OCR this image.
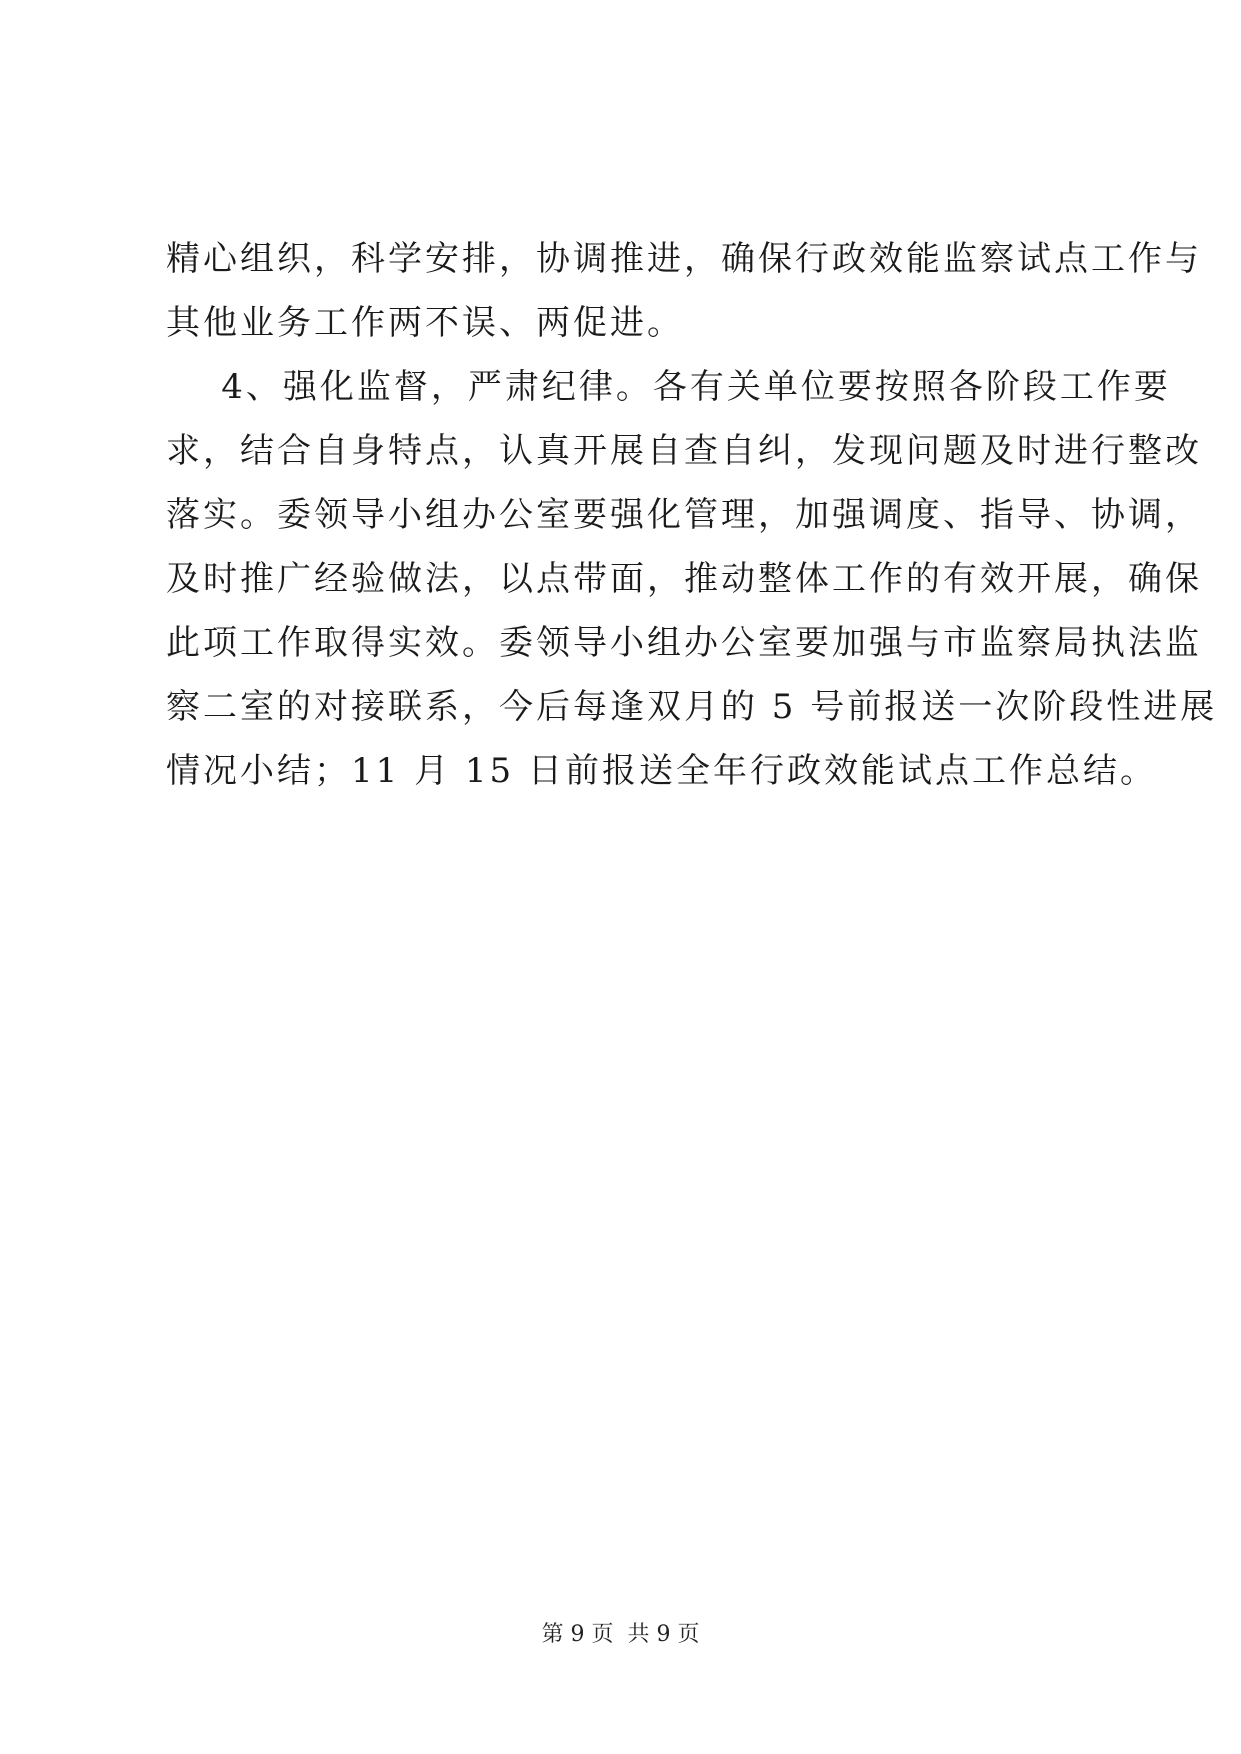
精心组织，科学安排，协调推进，确保行政效能监察试点工作与
其他业务工作两不误、两促进。
4、强化监督，严肃纪律。各有关单位要按照各阶段工作要
求，结合自身特点，认真开展自查自纠，发现问题及时进行整改
落实。委领导小组办公室要强化管理，加强调度、指导、协调，
及时推广经验做法，以点带面，推动整体工作的有效开展，确保
此项工作取得实效。委领导小组办公室要加强与市监察局执法监
察二室的对接联系，今后每逢双月的 5 号前报送一次阶段性进展
情况小结；11 月 15 日前报送全年行政效能试点工作总结。
第 9 页  共 9 页
